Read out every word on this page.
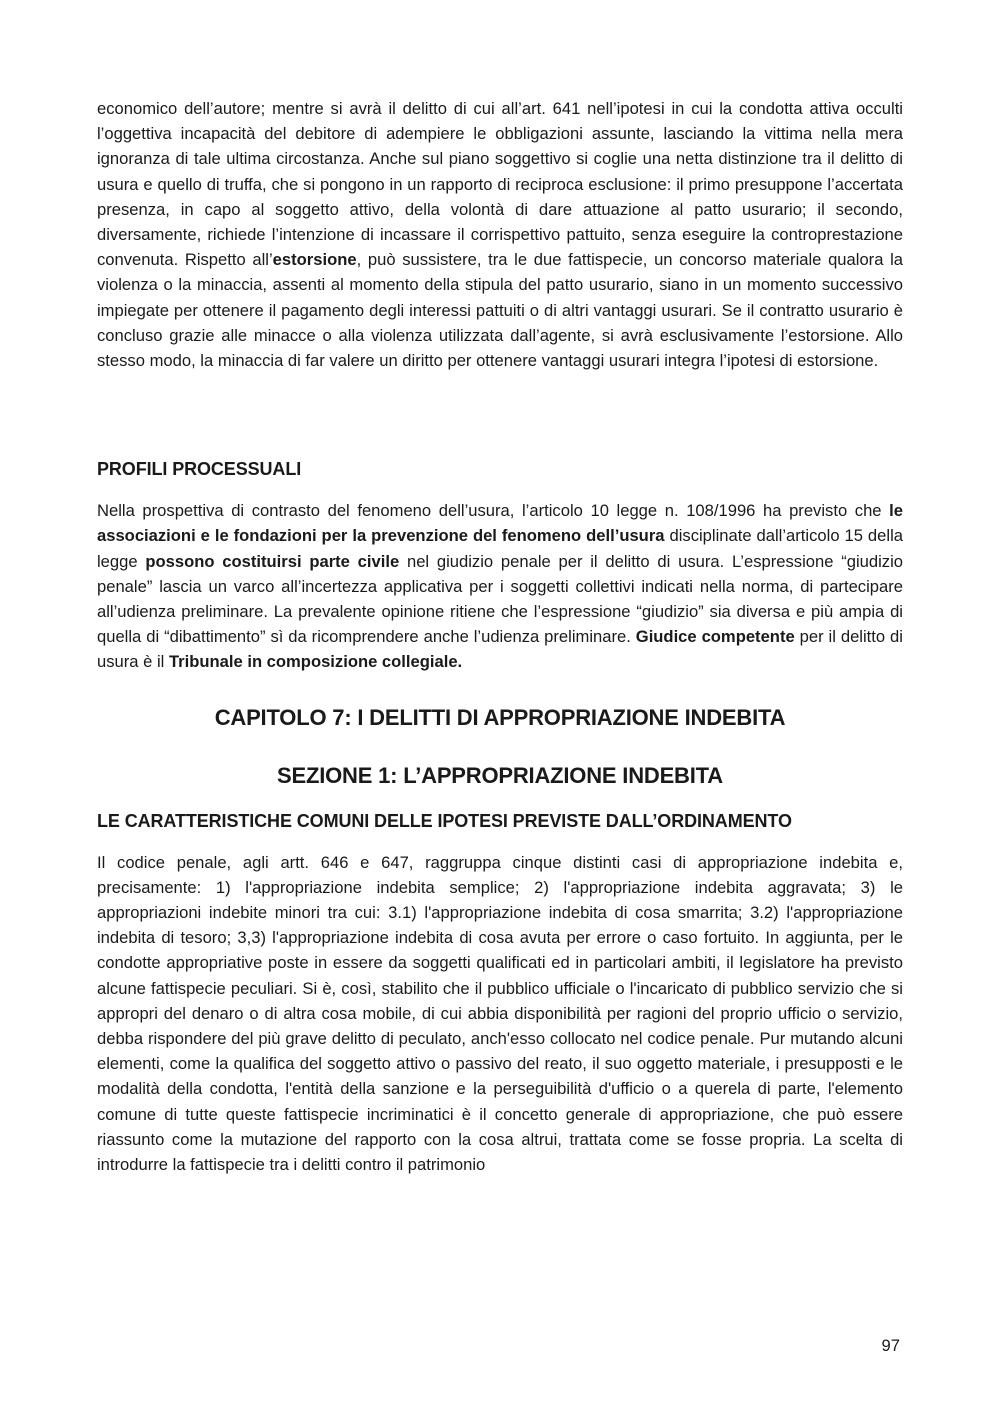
economico dell’autore; mentre si avrà il delitto di cui all’art. 641 nell’ipotesi in cui la condotta attiva occulti l’oggettiva incapacità del debitore di adempiere le obbligazioni assunte, lasciando la vittima nella mera ignoranza di tale ultima circostanza. Anche sul piano soggettivo si coglie una netta distinzione tra il delitto di usura e quello di truffa, che si pongono in un rapporto di reciproca esclusione: il primo presuppone l’accertata presenza, in capo al soggetto attivo, della volontà di dare attuazione al patto usurario; il secondo, diversamente, richiede l’intenzione di incassare il corrispettivo pattuito, senza eseguire la controprestazione convenuta. Rispetto all’estorsione, può sussistere, tra le due fattispecie, un concorso materiale qualora la violenza o la minaccia, assenti al momento della stipula del patto usurario, siano in un momento successivo impiegate per ottenere il pagamento degli interessi pattuiti o di altri vantaggi usurari. Se il contratto usurario è concluso grazie alle minacce o alla violenza utilizzata dall’agente, si avrà esclusivamente l’estorsione. Allo stesso modo, la minaccia di far valere un diritto per ottenere vantaggi usurari integra l’ipotesi di estorsione.

PROFILI PROCESSUALI

Nella prospettiva di contrasto del fenomeno dell’usura, l’articolo 10 legge n. 108/1996 ha previsto che le associazioni e le fondazioni per la prevenzione del fenomeno dell’usura disciplinate dall’articolo 15 della legge possono costituirsi parte civile nel giudizio penale per il delitto di usura. L’espressione “giudizio penale” lascia un varco all’incertezza applicativa per i soggetti collettivi indicati nella norma, di partecipare all’udienza preliminare. La prevalente opinione ritiene che l’espressione “giudizio” sia diversa e più ampia di quella di “dibattimento” sì da ricomprendere anche l’udienza preliminare. Giudice competente per il delitto di usura è il Tribunale in composizione collegiale.

CAPITOLO 7: I DELITTI DI APPROPRIAZIONE INDEBITA
SEZIONE 1: L’APPROPRIAZIONE INDEBITA
LE CARATTERISTICHE COMUNI DELLE IPOTESI PREVISTE DALL’ORDINAMENTO

Il codice penale, agli artt. 646 e 647, raggruppa cinque distinti casi di appropriazione indebita e, precisamente: 1) l'appropriazione indebita semplice; 2) l'appropriazione indebita aggravata; 3) le appropriazioni indebite minori tra cui: 3.1) l'appropriazione indebita di cosa smarrita; 3.2) l'appropriazione indebita di tesoro; 3,3) l'appropriazione indebita di cosa avuta per errore o caso fortuito. In aggiunta, per le condotte appropriative poste in essere da soggetti qualificati ed in particolari ambiti, il legislatore ha previsto alcune fattispecie peculiari. Si è, così, stabilito che il pubblico ufficiale o l'incaricato di pubblico servizio che si appropri del denaro o di altra cosa mobile, di cui abbia disponibilità per ragioni del proprio ufficio o servizio, debba rispondere del più grave delitto di peculato, anch'esso collocato nel codice penale. Pur mutando alcuni elementi, come la qualifica del soggetto attivo o passivo del reato, il suo oggetto materiale, i presupposti e le modalità della condotta, l'entità della sanzione e la perseguibilità d'ufficio o a querela di parte, l'elemento comune di tutte queste fattispecie incriminatici è il concetto generale di appropriazione, che può essere riassunto come la mutazione del rapporto con la cosa altrui, trattata come se fosse propria. La scelta di introdurre la fattispecie tra i delitti contro il patrimonio

97
